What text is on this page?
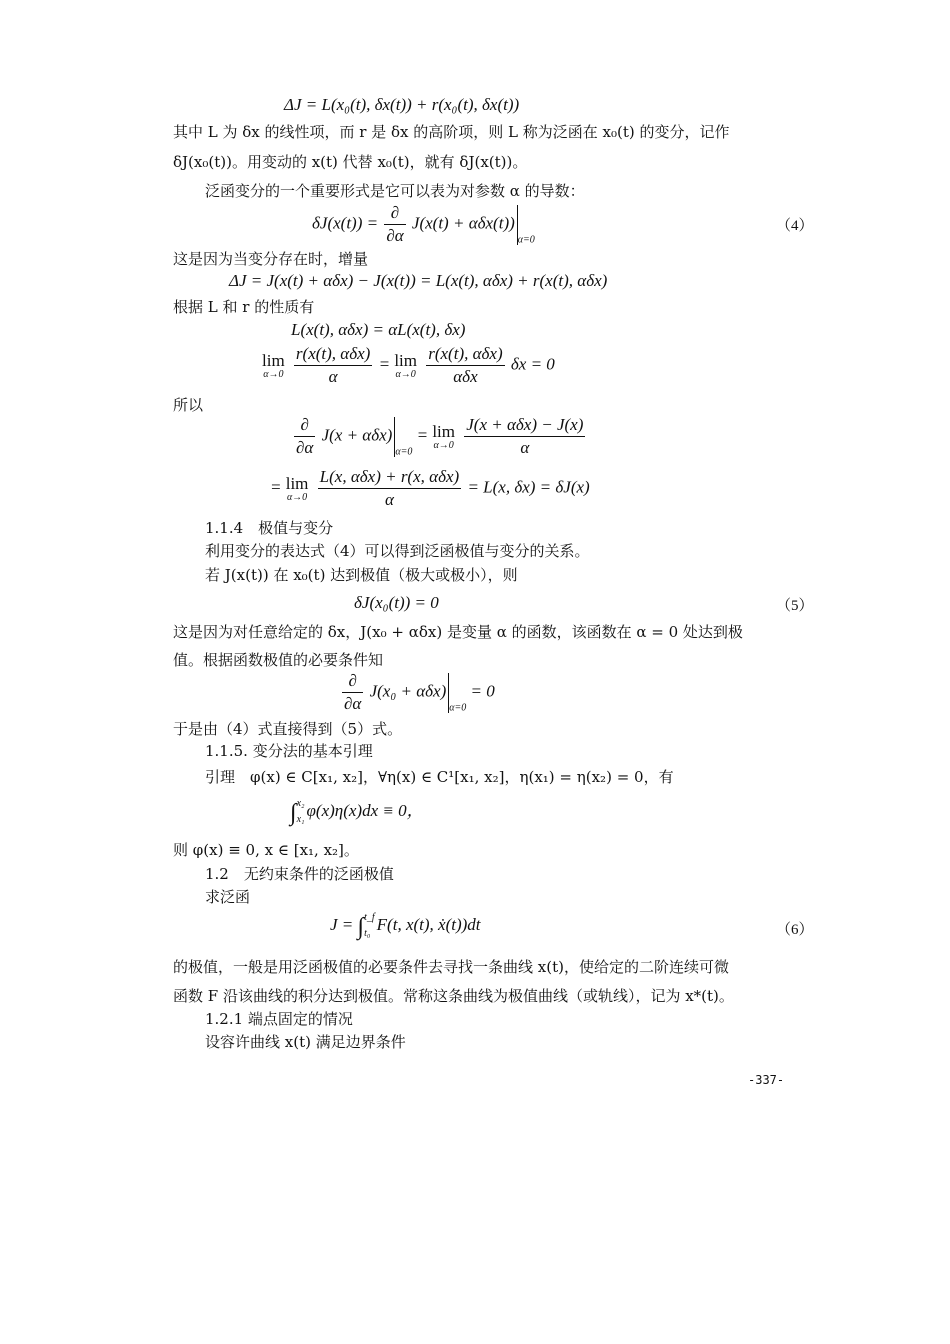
ΔJ = L(x₀(t), δx(t)) + r(x₀(t), δx(t))
其中 L 为 δx 的线性项，而 r 是 δx 的高阶项，则 L 称为泛函在 x₀(t) 的变分，记作
δJ(x₀(t))。用变动的 x(t) 代替 x₀(t)，就有 δJ(x(t))。
泛函变分的一个重要形式是它可以表为对参数 α 的导数：
$\delta J(x(t)) = \frac{\partial}{\partial\alpha} J(x(t) + \alpha\delta x(t))_{\alpha=0}$
（4）
这是因为当变分存在时，增量
ΔJ = J(x(t) + αδx) − J(x(t)) = L(x(t), αδx) + r(x(t), αδx)
根据 L 和 r 的性质有
L(x(t), αδx) = αL(x(t), δx)
lim
α→0
$\frac{\text{r(x(t), αδx)}}{\alpha} = \lim$
α→0
$\frac{\text{r(x(t), αδx)}}{\text{αδx}}$ δx = 0
所以
$\frac{\partial}{\partial\alpha} J(x + \alpha\delta x)_{\alpha=0} = \lim$
α→0
$\frac{\text{J(x + αδx) − J(x)}}{\alpha}$
= lim
α→0
$\frac{\text{L(x, αδx) + r(x, αδx)}}{\alpha} = L(x$, δx) = δJ(x)
1.1.4　极值与变分
利用变分的表达式（4）可以得到泛函极值与变分的关系。
若 J(x(t)) 在 x₀(t) 达到极值（极大或极小），则
δJ(x₀(t)) = 0	（5）
这是因为对任意给定的 δx，J(x₀ + αδx) 是变量 α 的函数，该函数在 α = 0 处达到极
值。根据函数极值的必要条件知
$\frac{\partial}{\partial\alpha} J(x_0 + \alpha\delta x)_{\alpha=0} = 0$
于是由（4）式直接得到（5）式。
1.1.5. 变分法的基本引理
引理　φ(x) ∈ C[x₁, x₂]，∀η(x) ∈ C¹[x₁, x₂]，η(x₁) = η(x₂) = 0，有
∫ x₂
x₁ φ(x)η(x)dx ≡ 0，
则 φ(x) ≡ 0, x ∈ [x₁, x₂]。
1.2　无约束条件的泛函极值
求泛函
J = ∫ t_f
t₀ F(t, x(t), ẋ(t))dt	（6）
的极值，一般是用泛函极值的必要条件去寻找一条曲线 x(t)，使给定的二阶连续可微
函数 F 沿该曲线的积分达到极值。常称这条曲线为极值曲线（或轨线），记为 x*(t)。
1.2.1 端点固定的情况
设容许曲线 x(t) 满足边界条件
-337-
